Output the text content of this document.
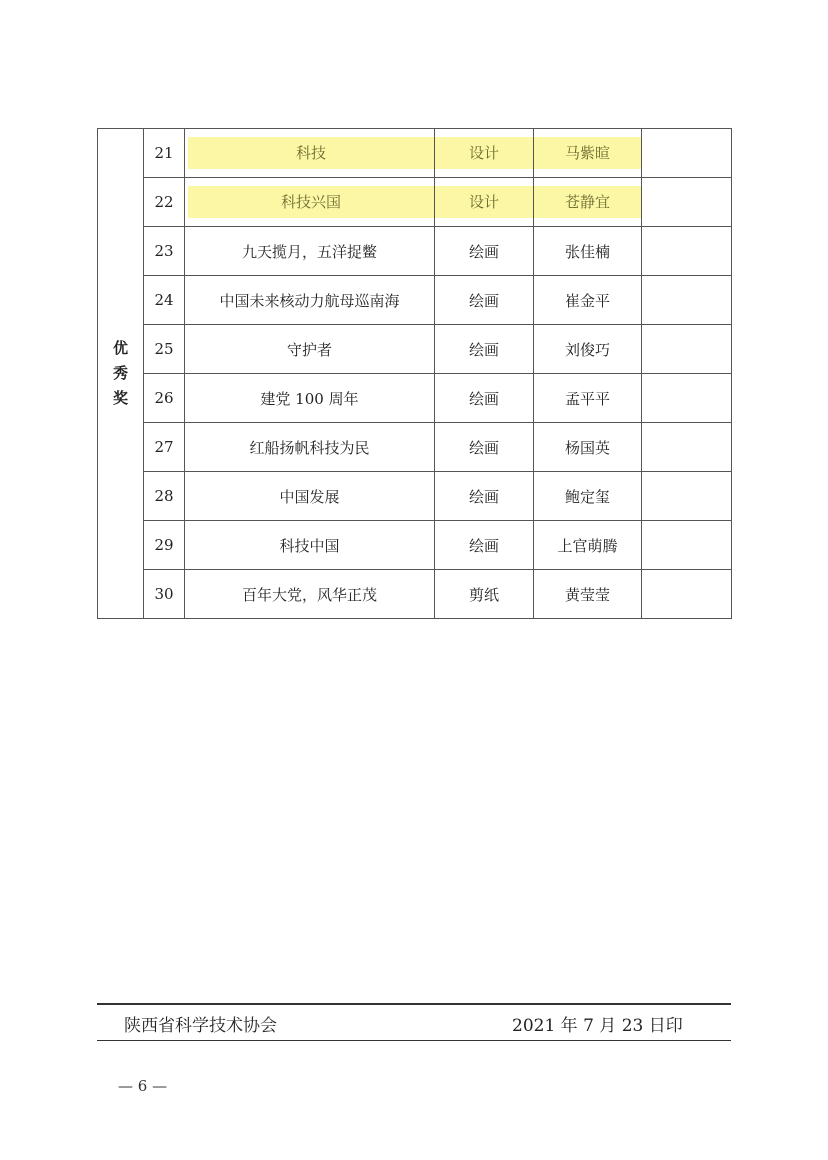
优
秀
奖	21	科技	设计	马紫暄	

	22	科技兴国	设计	苍静宜	

	23	九天揽月，五洋捉鳖	绘画	张佳楠	
	24	中国未来核动力航母巡南海	绘画	崔金平	
	25	守护者	绘画	刘俊巧	
	26	建党 100 周年	绘画	孟平平	
	27	红船扬帆科技为民	绘画	杨国英	
	28	中国发展	绘画	鲍定玺	
	29	科技中国	绘画	上官萌腾	
	30	百年大党，风华正茂	剪纸	黄莹莹	
陕西省科学技术协会	2021 年 7 月 23 日印
— 6 —
